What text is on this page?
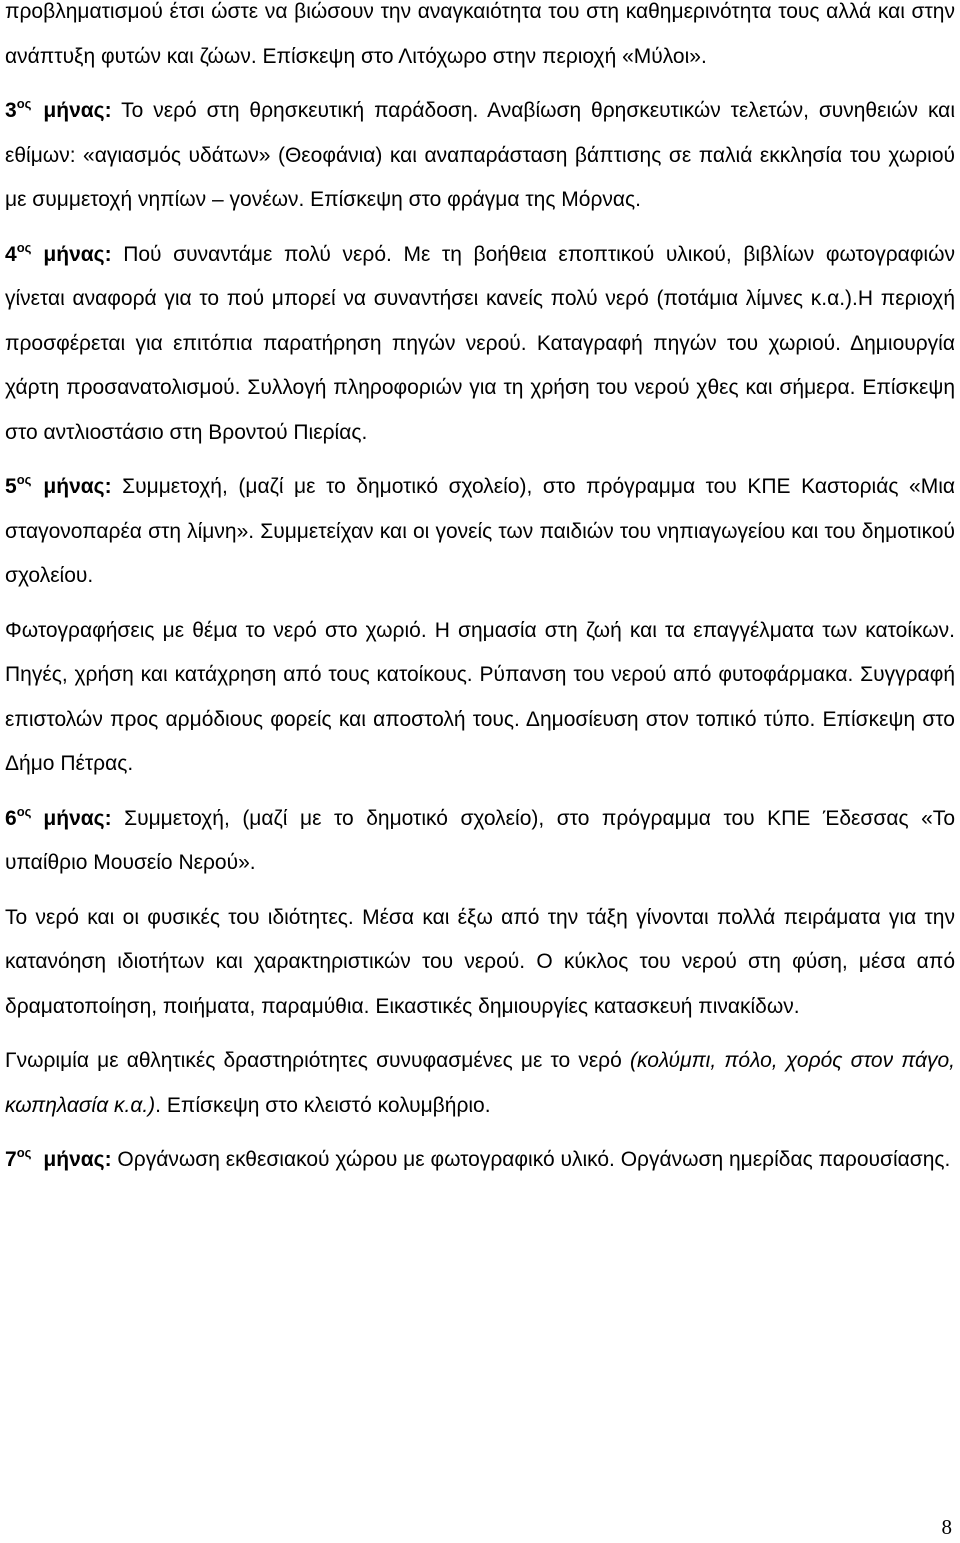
προβληματισμού έτσι ώστε να βιώσουν την αναγκαιότητα του στη καθημερινότητα τους αλλά και στην ανάπτυξη φυτών και ζώων. Επίσκεψη στο Λιτόχωρο στην περιοχή «Μύλοι».

$3^{o\varsigma}$ μήνας: Το νερό στη θρησκευτική παράδοση. Αναβίωση θρησκευτικών τελετών, συνηθειών και εθίμων: «αγιασμός υδάτων» (Θεοφάνια) και αναπαράσταση βάπτισης σε παλιά εκκλησία του χωριού με συμμετοχή νηπίων – γονέων. Επίσκεψη στο φράγμα της Μόρνας.

$4^{o\varsigma}$ μήνας: Πού συναντάμε πολύ νερό. Με τη βοήθεια εποπτικού υλικού, βιβλίων φωτογραφιών γίνεται αναφορά για το πού μπορεί να συναντήσει κανείς πολύ νερό (ποτάμια λίμνες κ.α.).Η περιοχή προσφέρεται για επιτόπια παρατήρηση πηγών νερού. Καταγραφή πηγών του χωριού. Δημιουργία χάρτη προσανατολισμού. Συλλογή πληροφοριών για τη χρήση του νερού χθες και σήμερα. Επίσκεψη στο αντλιοστάσιο στη Βροντού Πιερίας.

$5^{o\varsigma}$ μήνας: Συμμετοχή, (μαζί με το δημοτικό σχολείο), στο πρόγραμμα του ΚΠΕ Καστοριάς «Μια σταγονοπαρέα στη λίμνη». Συμμετείχαν και οι γονείς των παιδιών του νηπιαγωγείου και του δημοτικού σχολείου.

Φωτογραφήσεις με θέμα το νερό στο χωριό. Η σημασία στη ζωή και τα επαγγέλματα των κατοίκων. Πηγές, χρήση και κατάχρηση από τους κατοίκους. Ρύπανση του νερού από φυτοφάρμακα. Συγγραφή επιστολών προς αρμόδιους φορείς και αποστολή τους. Δημοσίευση στον τοπικό τύπο. Επίσκεψη στο Δήμο Πέτρας.

$6^{o\varsigma}$ μήνας: Συμμετοχή, (μαζί με το δημοτικό σχολείο), στο πρόγραμμα του ΚΠΕ Έδεσσας «Το υπαίθριο Μουσείο Νερού».

Το νερό και οι φυσικές του ιδιότητες. Μέσα και έξω από την τάξη γίνονται πολλά πειράματα για την κατανόηση ιδιοτήτων και χαρακτηριστικών του νερού. Ο κύκλος του νερού στη φύση, μέσα από δραματοποίηση, ποιήματα, παραμύθια. Εικαστικές δημιουργίες κατασκευή πινακίδων.

Γνωριμία με αθλητικές δραστηριότητες συνυφασμένες με το νερό (κολύμπι, πόλο, χορός στον πάγο, κωπηλασία κ.α.). Επίσκεψη στο κλειστό κολυμβήριο.

$7^{o\varsigma}$ μήνας: Οργάνωση εκθεσιακού χώρου με φωτογραφικό υλικό. Οργάνωση ημερίδας παρουσίασης.

8
